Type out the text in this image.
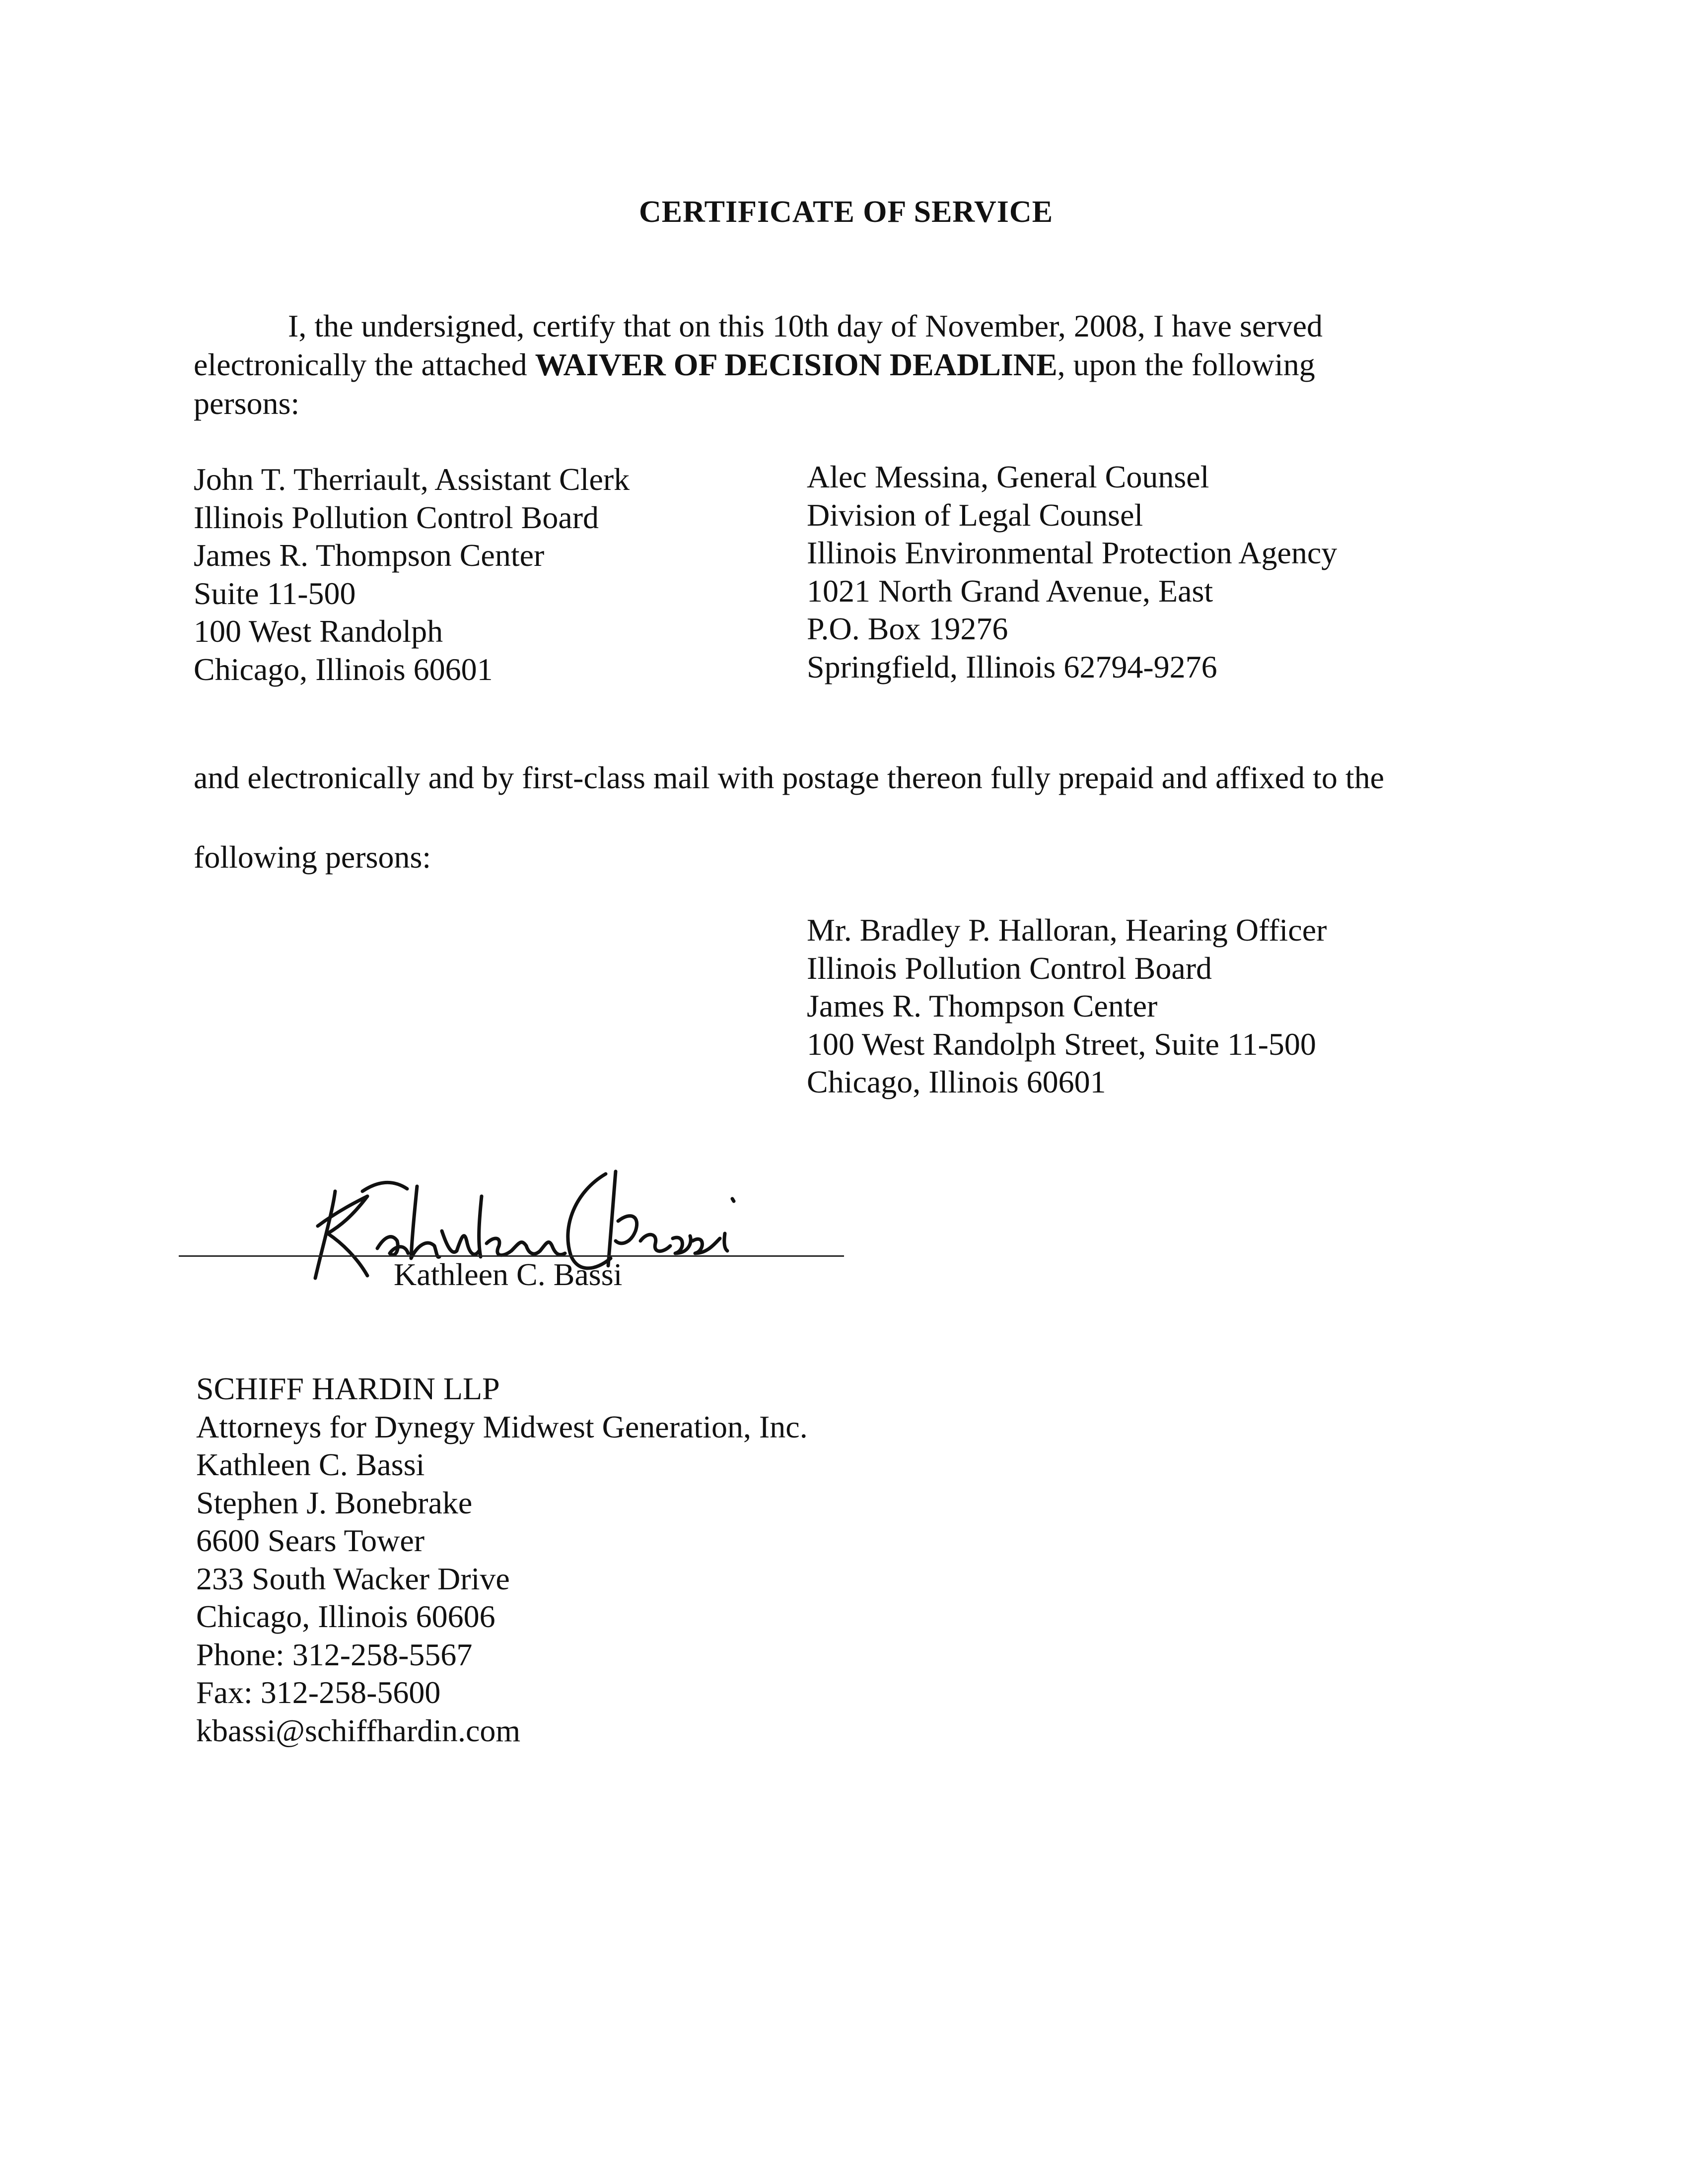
CERTIFICATE OF SERVICE
I, the undersigned, certify that on this 10th day of November, 2008, I have served electronically the attached WAIVER OF DECISION DEADLINE, upon the following persons:
John T. Therriault, Assistant Clerk
Illinois Pollution Control Board
James R. Thompson Center
Suite 11-500
100 West Randolph
Chicago, Illinois 60601
Alec Messina, General Counsel
Division of Legal Counsel
Illinois Environmental Protection Agency
1021 North Grand Avenue, East
P.O. Box 19276
Springfield, Illinois 62794-9276
and electronically and by first-class mail with postage thereon fully prepaid and affixed to the
following persons:
Mr. Bradley P. Halloran, Hearing Officer
Illinois Pollution Control Board
James R. Thompson Center
100 West Randolph Street, Suite 11-500
Chicago, Illinois 60601
Kathleen C. Bassi
SCHIFF HARDIN LLP
Attorneys for Dynegy Midwest Generation, Inc.
Kathleen C. Bassi
Stephen J. Bonebrake
6600 Sears Tower
233 South Wacker Drive
Chicago, Illinois 60606
Phone: 312-258-5567
Fax: 312-258-5600
kbassi@schiffhardin.com
